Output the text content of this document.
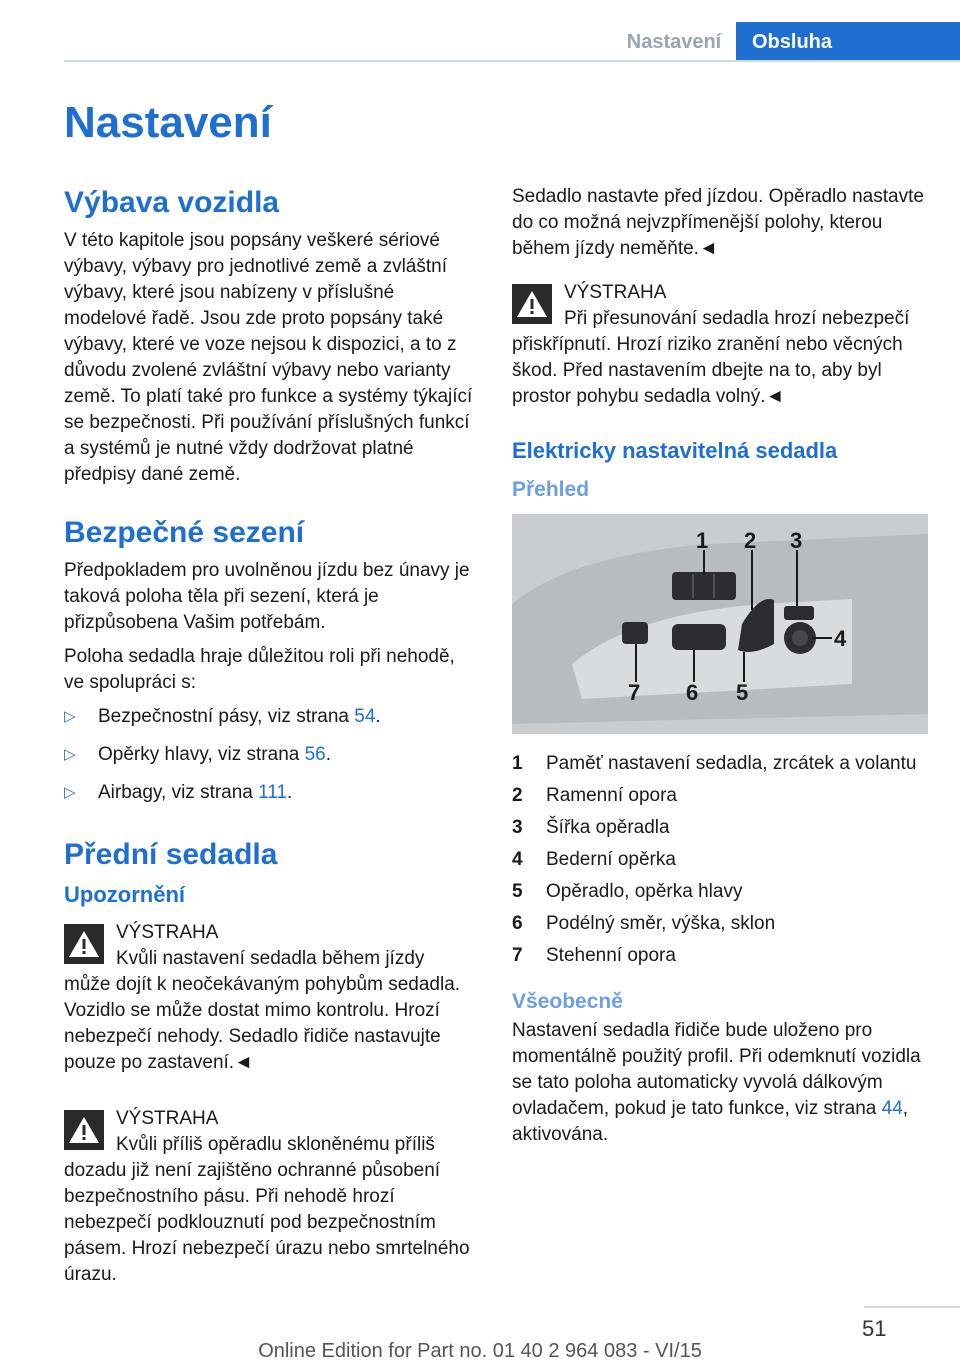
Nastavení	Obsluha
Nastavení
Výbava vozidla

V této kapitole jsou popsány veškeré sériové výbavy, výbavy pro jednotlivé země a zvláštní výbavy, které jsou nabízeny v příslušné modelové řadě. Jsou zde proto popsány také výbavy, které ve voze nejsou k dispozici, a to z důvodu zvolené zvláštní výbavy nebo varianty země. To platí také pro funkce a systémy týkající se bezpečnosti. Při používání příslušných funkcí a systémů je nutné vždy dodržovat platné předpisy dané země.

Bezpečné sezení

Předpokladem pro uvolněnou jízdu bez únavy je taková poloha těla při sezení, která je přizpůsobena Vašim potřebám.

Poloha sedadla hraje důležitou roli při nehodě, ve spolupráci s:

▷ Bezpečnostní pásy, viz strana 54.
▷ Opěrky hlavy, viz strana 56.
▷ Airbagy, viz strana 111.
Přední sedadla
Upozornění
VÝSTRAHA
Kvůli nastavení sedadla během jízdy

může dojít k neočekávaným pohybům sedadla. Vozidlo se může dostat mimo kontrolu. Hrozí nebezpečí nehody. Sedadlo řidiče nastavujte pouze po zastavení.◄

VÝSTRAHA
Kvůli příliš opěradlu skloněnému příliš

dozadu již není zajištěno ochranné působení bezpečnostního pásu. Při nehodě hrozí nebezpečí podklouznutí pod bezpečnostním pásem. Hrozí nebezpečí úrazu nebo smrtelného úrazu.

Sedadlo nastavte před jízdou. Opěradlo nastavte do co možná nejvzpřímenější polohy, kterou během jízdy neměňte.◄

VÝSTRAHA
Při přesunování sedadla hrozí nebezpečí

přiskřípnutí. Hrozí riziko zranění nebo věcných škod. Před nastavením dbejte na to, aby byl prostor pohybu sedadla volný.◄

Elektricky nastavitelná sedadla
Přehled
1 2 3
4
5
6
7
1 Paměť nastavení sedadla, zrcátek a volantu
2 Ramenní opora
3 Šířka opěradla
4 Bederní opěrka
5 Opěradlo, opěrka hlavy
6 Podélný směr, výška, sklon
7 Stehenní opora
Všeobecně

Nastavení sedadla řidiče bude uloženo pro momentálně použitý profil. Při odemknutí vozidla se tato poloha automaticky vyvolá dálkovým ovladačem, pokud je tato funkce, viz strana 44, aktivována.

51
Online Edition for Part no. 01 40 2 964 083 - VI/15
